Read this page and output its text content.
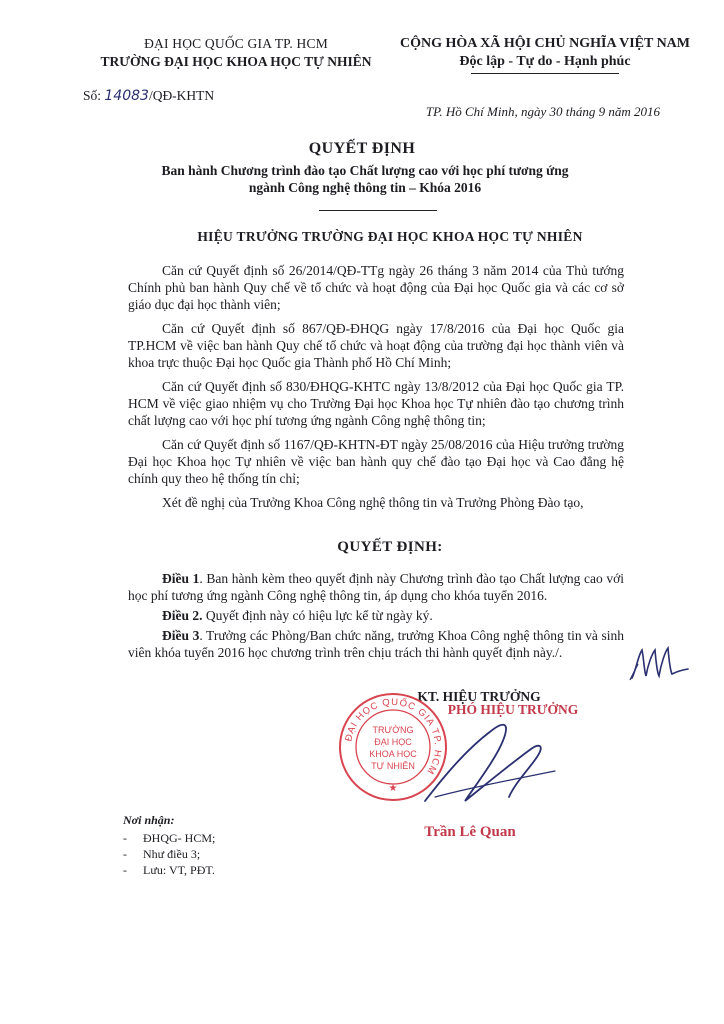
ĐẠI HỌC QUỐC GIA TP. HCM
TRƯỜNG ĐẠI HỌC KHOA HỌC TỰ NHIÊN
CỘNG HÒA XÃ HỘI CHỦ NGHĨA VIỆT NAM
Độc lập - Tự do - Hạnh phúc
Số: 14083/QĐ-KHTN
TP. Hồ Chí Minh, ngày 30 tháng 9 năm 2016
QUYẾT ĐỊNH
Ban hành Chương trình đào tạo Chất lượng cao với học phí tương ứng
ngành Công nghệ thông tin – Khóa 2016
HIỆU TRƯỞNG TRƯỜNG ĐẠI HỌC KHOA HỌC TỰ NHIÊN

Căn cứ Quyết định số 26/2014/QĐ-TTg ngày 26 tháng 3 năm 2014 của Thủ tướng Chính phủ ban hành Quy chế về tổ chức và hoạt động của Đại học Quốc gia và các cơ sở giáo dục đại học thành viên;

Căn cứ Quyết định số 867/QĐ-ĐHQG ngày 17/8/2016 của Đại học Quốc gia TP.HCM về việc ban hành Quy chế tổ chức và hoạt động của trường đại học thành viên và khoa trực thuộc Đại học Quốc gia Thành phố Hồ Chí Minh;

Căn cứ Quyết định số 830/ĐHQG-KHTC ngày 13/8/2012 của Đại học Quốc gia TP. HCM về việc giao nhiệm vụ cho Trường Đại học Khoa học Tự nhiên đào tạo chương trình chất lượng cao với học phí tương ứng ngành Công nghệ thông tin;

Căn cứ Quyết định số 1167/QĐ-KHTN-ĐT ngày 25/08/2016 của Hiệu trưởng trường Đại học Khoa học Tự nhiên về việc ban hành quy chế đào tạo Đại học và Cao đẳng hệ chính quy theo hệ thống tín chỉ;

Xét đề nghị của Trưởng Khoa Công nghệ thông tin và Trưởng Phòng Đào tạo,

QUYẾT ĐỊNH:

Điều 1. Ban hành kèm theo quyết định này Chương trình đào tạo Chất lượng cao với học phí tương ứng ngành Công nghệ thông tin, áp dụng cho khóa tuyển 2016.

Điều 2. Quyết định này có hiệu lực kể từ ngày ký.

Điều 3. Trưởng các Phòng/Ban chức năng, trưởng Khoa Công nghệ thông tin và sinh viên khóa tuyển 2016 học chương trình trên chịu trách thi hành quyết định này./.

KT. HIỆU TRƯỞNG
PHÓ HIỆU TRƯỞNG
ĐẠI HỌC QUỐC GIA TP. HCM
TRƯỜNG
ĐẠI HỌC
KHOA HỌC
TỰ NHIÊN
★
Trần Lê Quan
Nơi nhận:
- ĐHQG- HCM;
- Như điều 3;
- Lưu: VT, PĐT.
